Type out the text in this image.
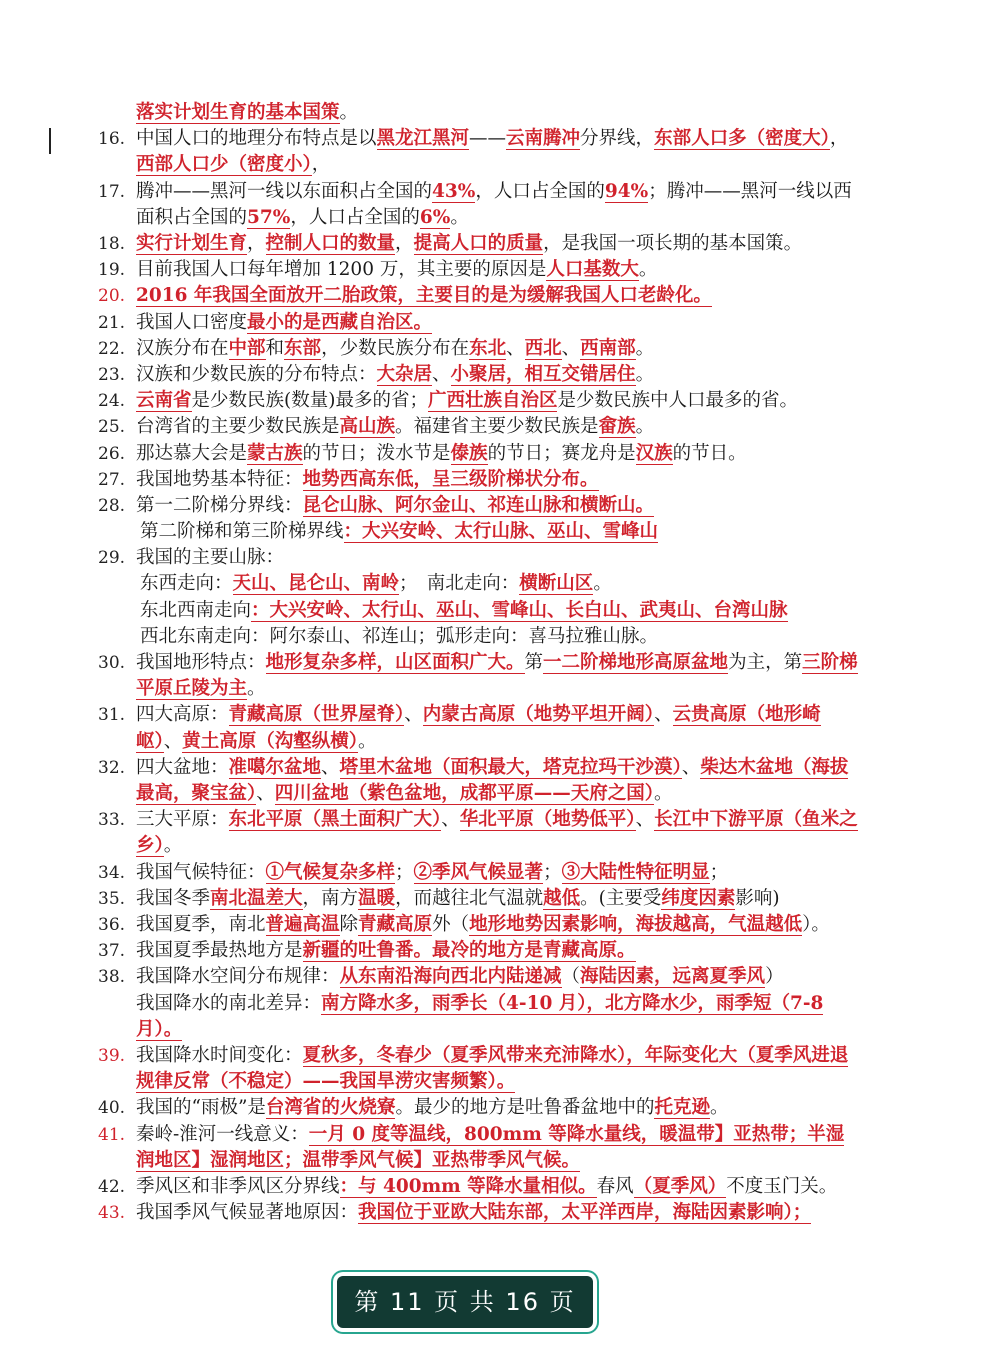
落实计划生育的基本国策。
16. 中国人口的地理分布特点是以黑龙江黑河——云南腾冲分界线，东部人口多（密度大），西部人口少（密度小），
17. 腾冲——黑河一线以东面积占全国的43%，人口占全国的94%；腾冲——黑河一线以西面积占全国的57%，人口占全国的6%。
18. 实行计划生育，控制人口的数量，提高人口的质量，是我国一项长期的基本国策。
19. 目前我国人口每年增加 1200 万，其主要的原因是人口基数大。
20. 2016 年我国全面放开二胎政策，主要目的是为缓解我国人口老龄化。
21. 我国人口密度最小的是西藏自治区。
22. 汉族分布在中部和东部，少数民族分布在东北、西北、西南部。
23. 汉族和少数民族的分布特点：大杂居、小聚居，相互交错居住。
24. 云南省是少数民族(数量)最多的省；广西壮族自治区是少数民族中人口最多的省。
25. 台湾省的主要少数民族是高山族。福建省主要少数民族是畲族。
26. 那达慕大会是蒙古族的节日；泼水节是傣族的节日；赛龙舟是汉族的节日。
27. 我国地势基本特征：地势西高东低，呈三级阶梯状分布。
28. 第一二阶梯分界线：昆仑山脉、阿尔金山、祁连山脉和横断山。
第二阶梯和第三阶梯界线：大兴安岭、太行山脉、巫山、雪峰山
29. 我国的主要山脉：
东西走向：天山、昆仑山、南岭；　南北走向：横断山区。
东北西南走向：大兴安岭、太行山、巫山、雪峰山、长白山、武夷山、台湾山脉
西北东南走向：阿尔泰山、祁连山；弧形走向：喜马拉雅山脉。
30. 我国地形特点：地形复杂多样，山区面积广大。第一二阶梯地形高原盆地为主，第三阶梯平原丘陵为主。
31. 四大高原：青藏高原（世界屋脊）、内蒙古高原（地势平坦开阔）、云贵高原（地形崎岖）、黄土高原（沟壑纵横）。
32. 四大盆地：准噶尔盆地、塔里木盆地（面积最大，塔克拉玛干沙漠）、柴达木盆地（海拔最高，聚宝盆）、四川盆地（紫色盆地，成都平原——天府之国）。
33. 三大平原：东北平原（黑土面积广大）、华北平原（地势低平）、长江中下游平原（鱼米之乡）。
34. 我国气候特征：①气候复杂多样；②季风气候显著；③大陆性特征明显；
35. 我国冬季南北温差大，南方温暖，而越往北气温就越低。(主要受纬度因素影响)
36. 我国夏季，南北普遍高温除青藏高原外（地形地势因素影响，海拔越高，气温越低）。
37. 我国夏季最热地方是新疆的吐鲁番。最冷的地方是青藏高原。
38. 我国降水空间分布规律：从东南沿海向西北内陆递减（海陆因素，远离夏季风）
我国降水的南北差异：南方降水多，雨季长（4-10 月），北方降水少，雨季短（7-8 月）。
39. 我国降水时间变化：夏秋多，冬春少（夏季风带来充沛降水），年际变化大（夏季风进退规律反常（不稳定）——我国旱涝灾害频繁）。
40. 我国的“雨极”是台湾省的火烧寮。最少的地方是吐鲁番盆地中的托克逊。
41. 秦岭-淮河一线意义：一月 0 度等温线，800mm 等降水量线，暖温带】亚热带；半湿润地区】湿润地区；温带季风气候】亚热带季风气候。
42. 季风区和非季风区分界线：与 400mm 等降水量相似。春风（夏季风）不度玉门关。
43. 我国季风气候显著地原因：我国位于亚欧大陆东部，太平洋西岸，海陆因素影响）；
第 11 页 共 16 页
